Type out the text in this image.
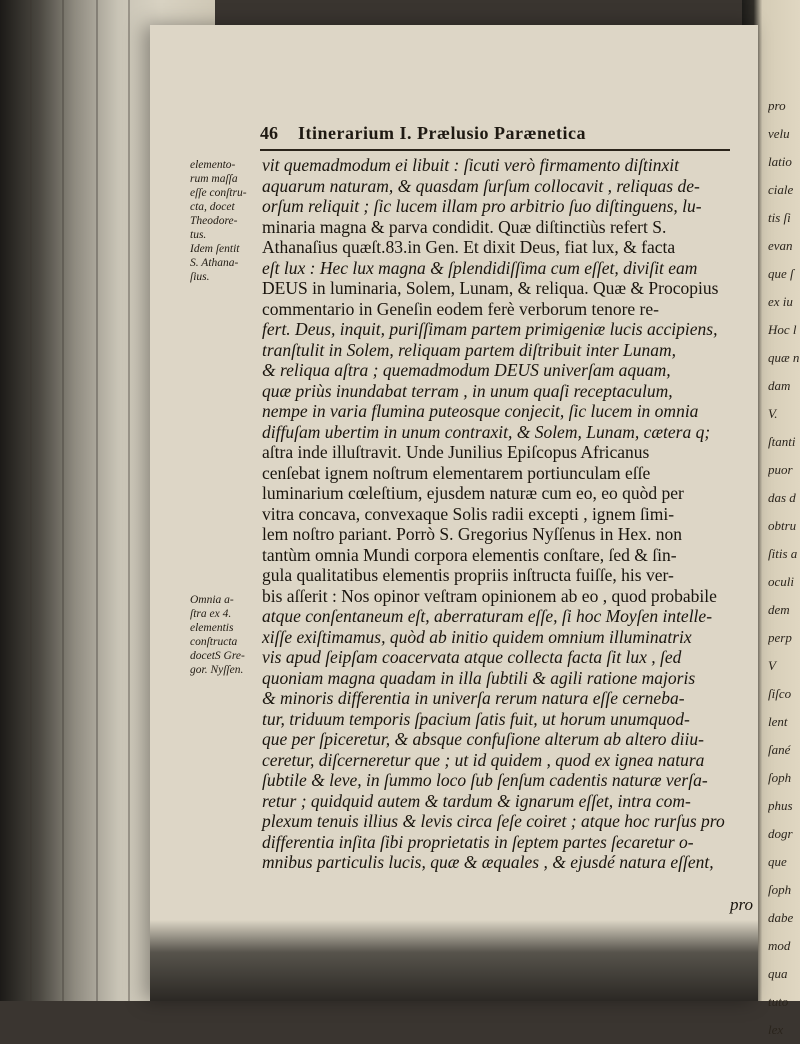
pro
velu
latio
ciale
tis ſi
evan
que ſ
ex iu
Hoc l
quæ n
dam
V.
ſtanti
puor
das d
obtru
ſitis a
oculi
dem
perp
V
ſiſco
lent
ſané
ſoph
phus
dogr
que
ſoph
dabe
mod
qua
tuto
lex
46 Itinerarium I. Prælusio Parænetica
elemento-
rum maſſa
eſſe conſtru-
cta, docet
Theodore-
tus.
Idem ſentit
S. Athana-
ſius.
Omnia a-
ſtra ex 4.
elementis
conſtructa
docetS Gre-
gor. Nyſſen.
vit quemadmodum ei libuit : ſicuti verò firmamento diſtinxit
aquarum naturam, & quasdam ſurſum collocavit , reliquas de-
orſum reliquit ; ſic lucem illam pro arbitrio ſuo diſtinguens, lu-
minaria magna & parva condidit. Quæ diſtinctiùs refert S.
Athanaſius quæſt.83.in Gen. Et dixit Deus, fiat lux, & facta
eſt lux : Hec lux magna & ſplendidiſſima cum eſſet, diviſit eam
DEUS in luminaria, Solem, Lunam, & reliqua. Quæ & Procopius
commentario in Geneſin eodem ferè verborum tenore re-
fert. Deus, inquit, puriſſimam partem primigeniæ lucis accipiens,
tranſtulit in Solem, reliquam partem diſtribuit inter Lunam,
& reliqua aſtra ; quemadmodum DEUS univerſam aquam,
quæ priùs inundabat terram , in unum quaſi receptaculum,
nempe in varia flumina puteosque conjecit, ſic lucem in omnia
diffuſam ubertim in unum contraxit, & Solem, Lunam, cætera q;
aſtra inde illuſtravit. Unde Junilius Epiſcopus Africanus
cenſebat ignem noſtrum elementarem portiunculam eſſe
luminarium cœleſtium, ejusdem naturæ cum eo, eo quòd per
vitra concava, convexaque Solis radii excepti , ignem ſimi-
lem noſtro pariant. Porrò S. Gregorius Nyſſenus in Hex. non
tantùm omnia Mundi corpora elementis conſtare, ſed & ſin-
gula qualitatibus elementis propriis inſtructa fuiſſe, his ver-
bis aſſerit : Nos opinor veſtram opinionem ab eo , quod probabile
atque conſentaneum eſt, aberraturam eſſe, ſi hoc Moyſen intelle-
xiſſe exiſtimamus, quòd ab initio quidem omnium illuminatrix
vis apud ſeipſam coacervata atque collecta facta ſit lux , ſed
quoniam magna quadam in illa ſubtili & agili ratione majoris
& minoris differentia in univerſa rerum natura eſſe cerneba-
tur, triduum temporis ſpacium ſatis fuit, ut horum unumquod-
que per ſpiceretur, & absque confuſione alterum ab altero diiu-
ceretur, diſcerneretur que ; ut id quidem , quod ex ignea natura
ſubtile & leve, in ſummo loco ſub ſenſum cadentis naturæ verſa-
retur ; quidquid autem & tardum & ignarum eſſet, intra com-
plexum tenuis illius & levis circa ſeſe coiret ; atque hoc rurſus pro
differentia inſita ſibi proprietatis in ſeptem partes ſecaretur o-
mnibus particulis lucis, quæ & æquales , & ejusdé natura eſſent,
pro
